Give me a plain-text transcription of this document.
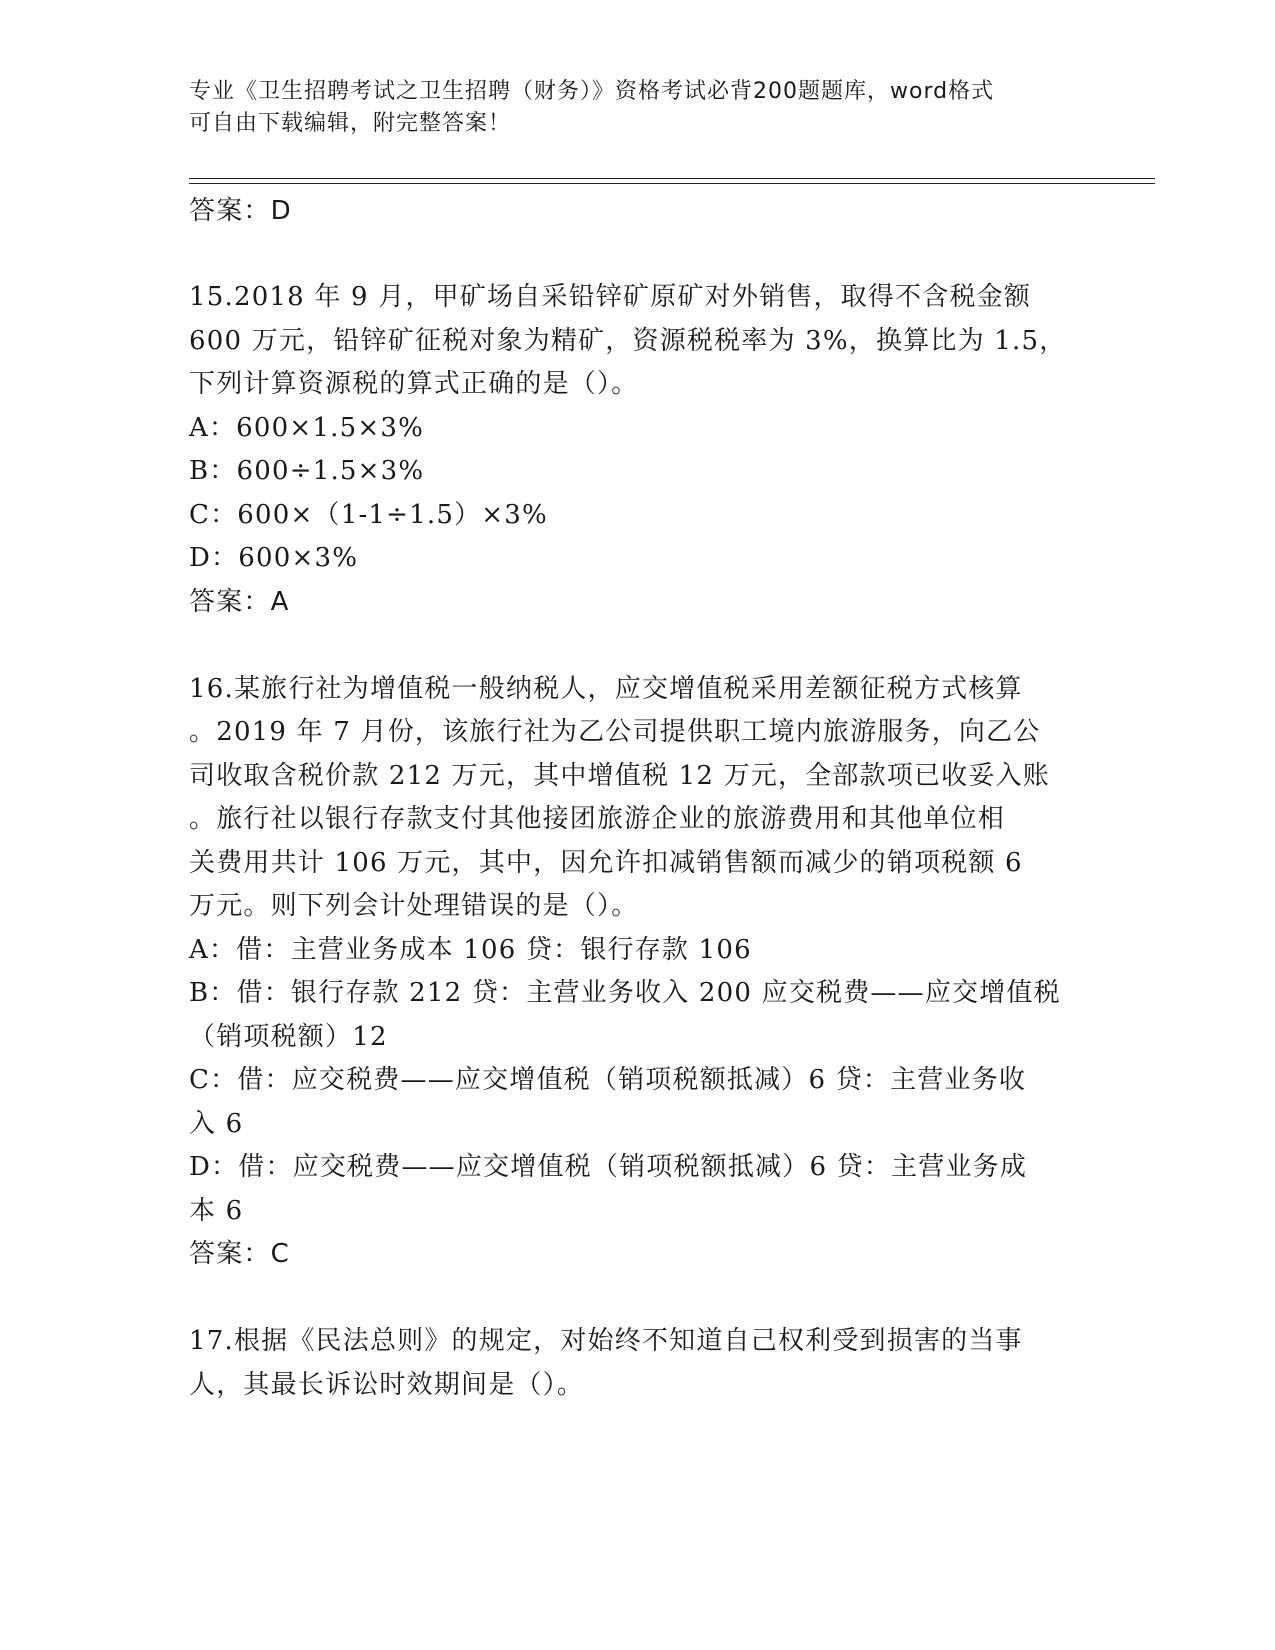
专业《卫生招聘考试之卫生招聘（财务）》资格考试必背200题题库，word格式
可自由下载编辑，附完整答案！
答案：D
15.2018 年 9 月，甲矿场自采铅锌矿原矿对外销售，取得不含税金额
600 万元，铅锌矿征税对象为精矿，资源税税率为 3%，换算比为 1.5，
下列计算资源税的算式正确的是（）。
A：600×1.5×3%
B：600÷1.5×3%
C：600×（1-1÷1.5）×3%
D：600×3%
答案：A
16.某旅行社为增值税一般纳税人，应交增值税采用差额征税方式核算
。2019 年 7 月份，该旅行社为乙公司提供职工境内旅游服务，向乙公
司收取含税价款 212 万元，其中增值税 12 万元，全部款项已收妥入账
。旅行社以银行存款支付其他接团旅游企业的旅游费用和其他单位相
关费用共计 106 万元，其中，因允许扣减销售额而减少的销项税额 6
万元。则下列会计处理错误的是（）。
A：借：主营业务成本 106 贷：银行存款 106
B：借：银行存款 212 贷：主营业务收入 200 应交税费——应交增值税
（销项税额）12
C：借：应交税费——应交增值税（销项税额抵减）6 贷：主营业务收
入 6
D：借：应交税费——应交增值税（销项税额抵减）6 贷：主营业务成
本 6
答案：C
17.根据《民法总则》的规定，对始终不知道自己权利受到损害的当事
人，其最长诉讼时效期间是（）。
